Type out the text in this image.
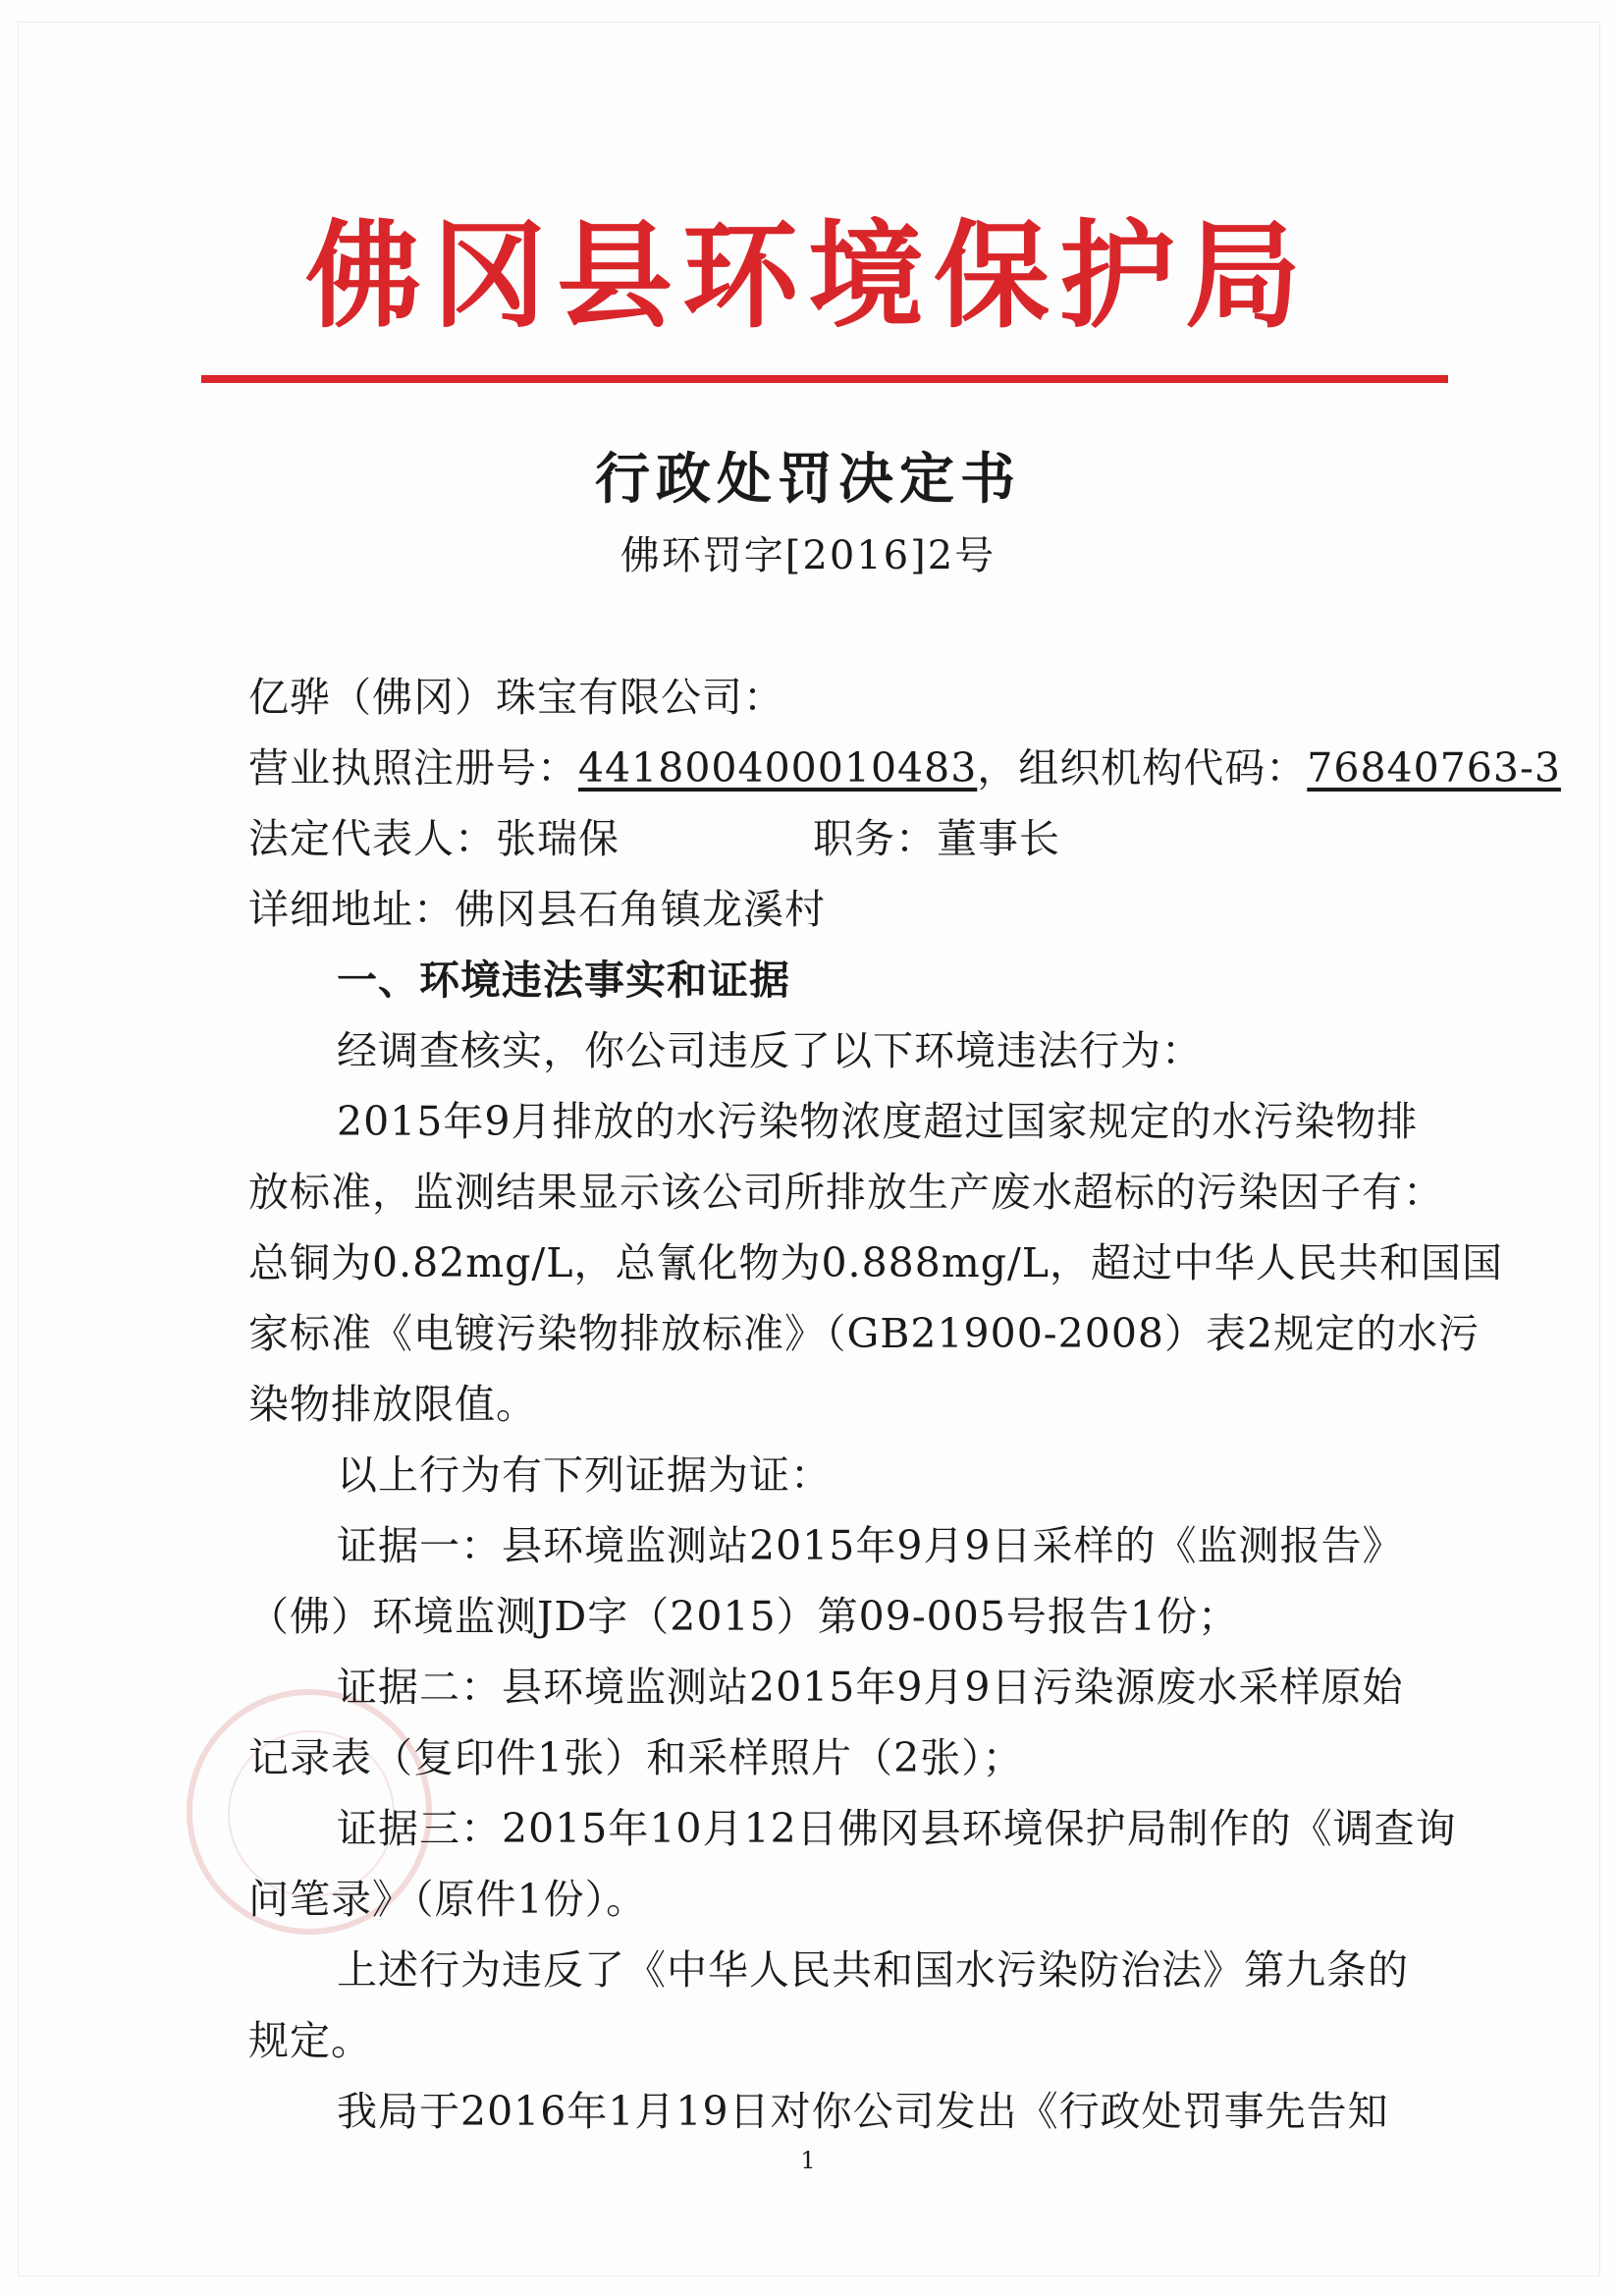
佛冈县环境保护局
行政处罚决定书
佛环罚字[2016]2号
亿骅（佛冈）珠宝有限公司：
营业执照注册号：441800400010483，组织机构代码：76840763-3
法定代表人：张瑞保	职务：董事长
详细地址：佛冈县石角镇龙溪村
一、环境违法事实和证据
经调查核实，你公司违反了以下环境违法行为：
2015年9月排放的水污染物浓度超过国家规定的水污染物排
放标准，监测结果显示该公司所排放生产废水超标的污染因子有：
总铜为0.82mg/L，总氰化物为0.888mg/L，超过中华人民共和国国
家标准《电镀污染物排放标准》（GB21900-2008）表2规定的水污
染物排放限值。
以上行为有下列证据为证：
证据一：县环境监测站2015年9月9日采样的《监测报告》
（佛）环境监测JD字（2015）第09-005号报告1份；
证据二：县环境监测站2015年9月9日污染源废水采样原始
记录表（复印件1张）和采样照片（2张）；
证据三：2015年10月12日佛冈县环境保护局制作的《调查询
问笔录》（原件1份）。
上述行为违反了《中华人民共和国水污染防治法》第九条的
规定。
我局于2016年1月19日对你公司发出《行政处罚事先告知
1
